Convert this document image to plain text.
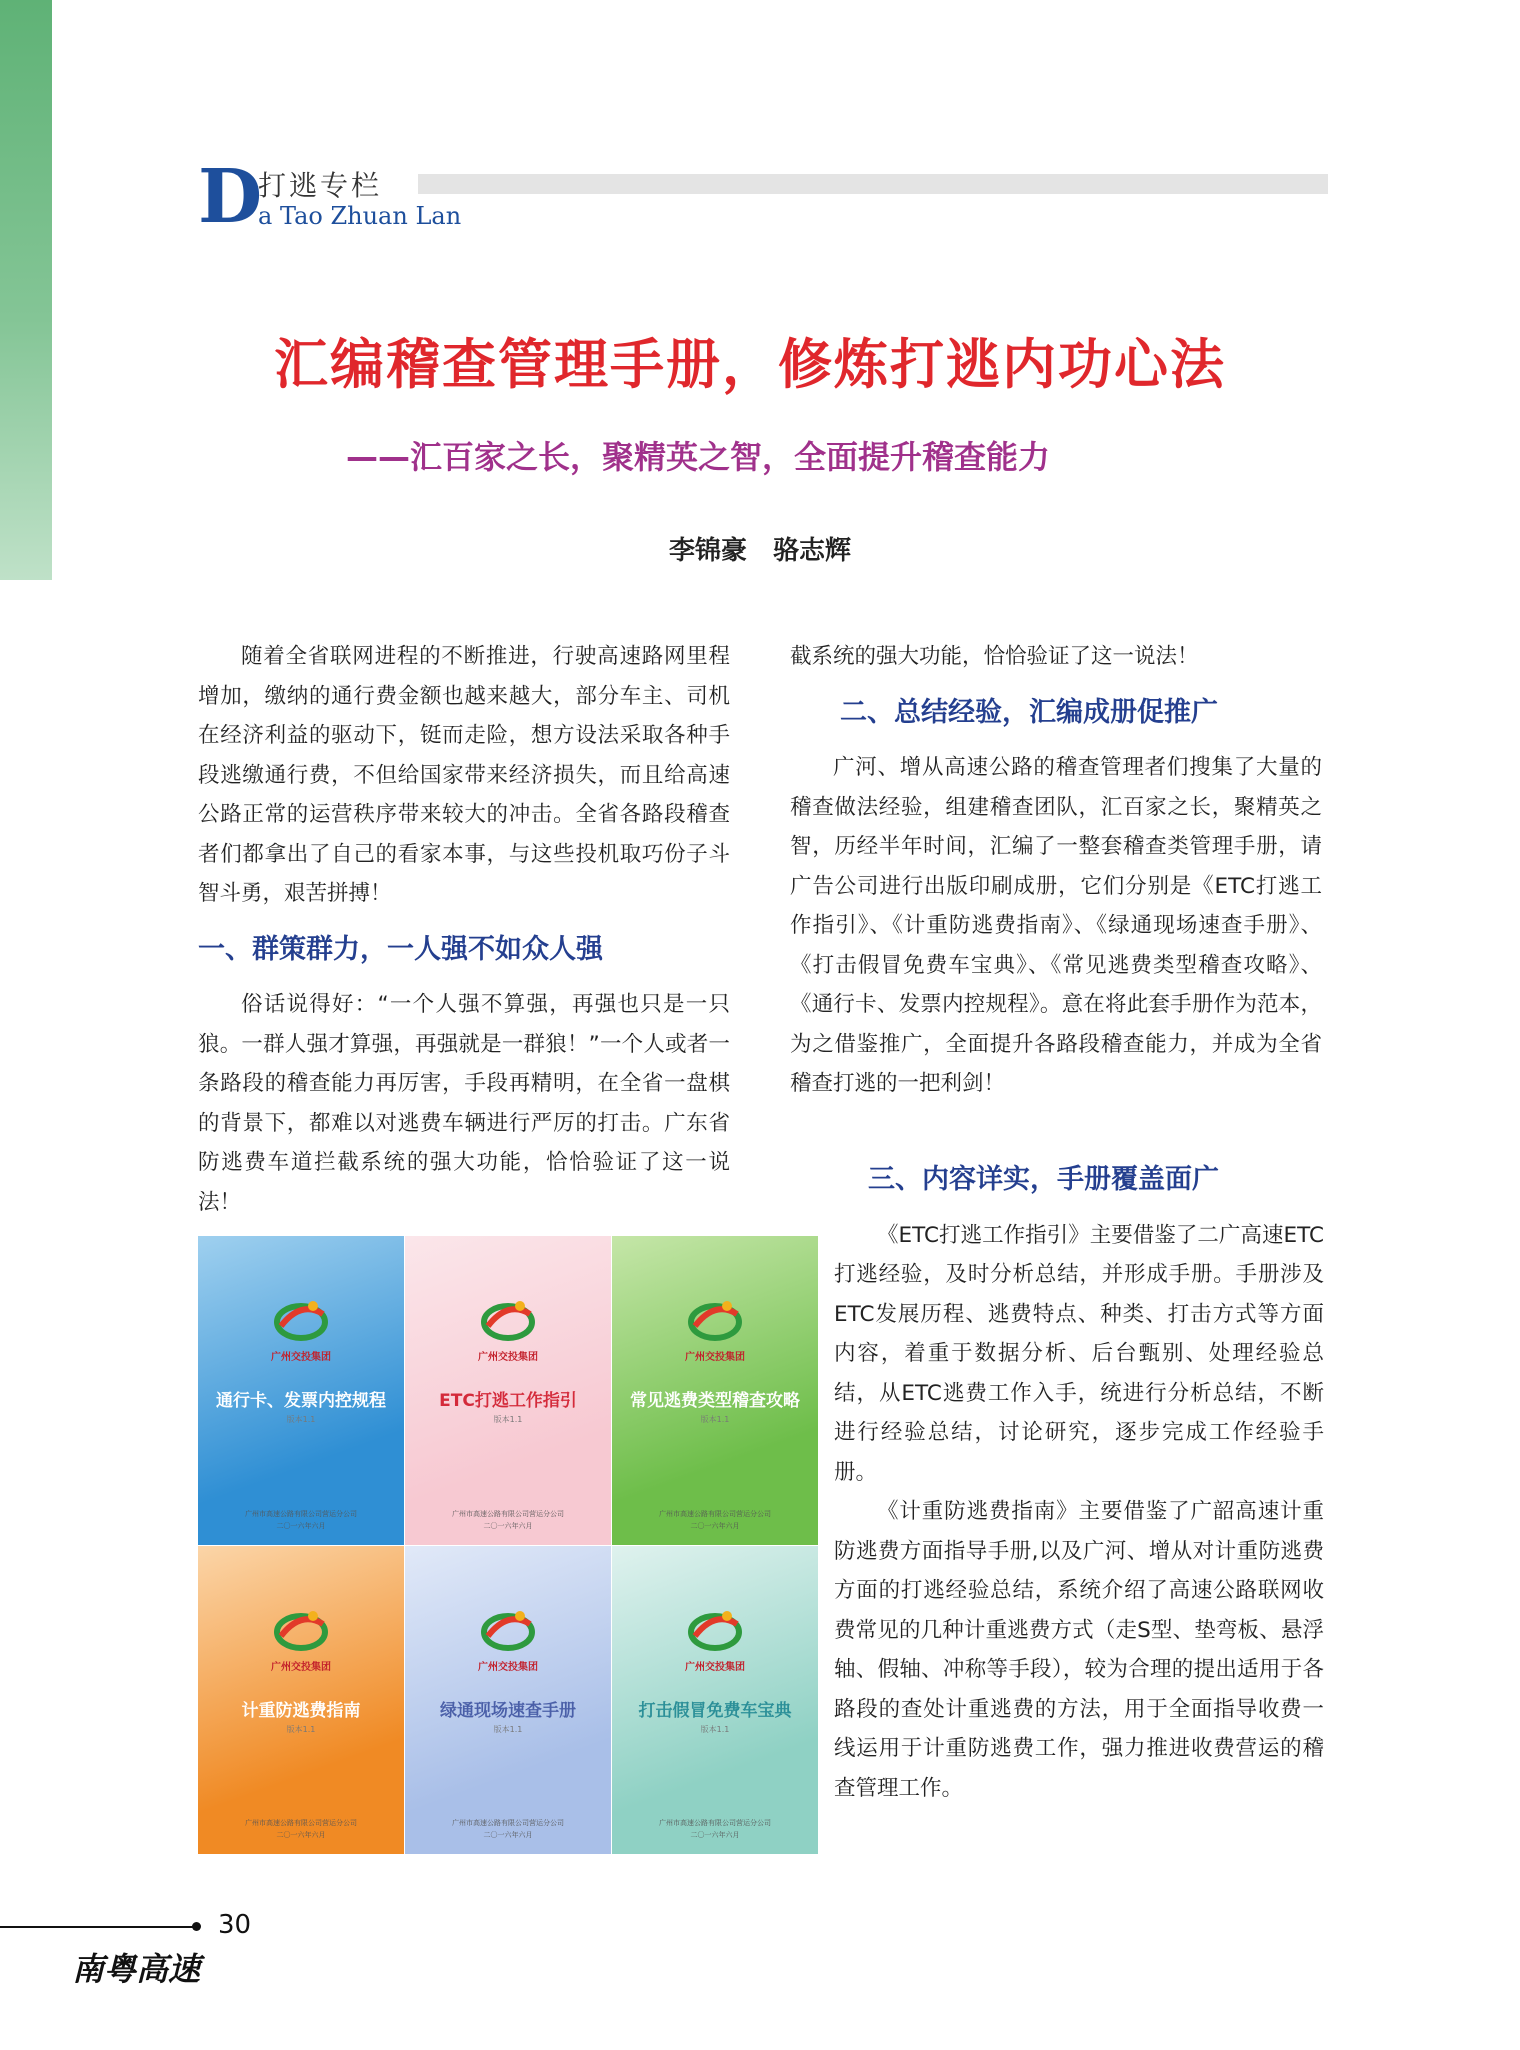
D
打逃专栏
a Tao Zhuan Lan
汇编稽查管理手册，修炼打逃内功心法
——汇百家之长，聚精英之智，全面提升稽查能力
李锦豪　骆志辉

随着全省联网进程的不断推进，行驶高速路网里程增加，缴纳的通行费金额也越来越大，部分车主、司机在经济利益的驱动下，铤而走险，想方设法采取各种手段逃缴通行费，不但给国家带来经济损失，而且给高速公路正常的运营秩序带来较大的冲击。全省各路段稽查者们都拿出了自己的看家本事，与这些投机取巧份子斗智斗勇，艰苦拼搏！

一、群策群力，一人强不如众人强

俗话说得好：“一个人强不算强，再强也只是一只狼。一群人强才算强，再强就是一群狼！”一个人或者一条路段的稽查能力再厉害，手段再精明，在全省一盘棋的背景下，都难以对逃费车辆进行严厉的打击。广东省防逃费车道拦截系统的强大功能，恰恰验证了这一说法！

截系统的强大功能，恰恰验证了这一说法！

二、总结经验，汇编成册促推广

广河、增从高速公路的稽查管理者们搜集了大量的稽查做法经验，组建稽查团队，汇百家之长，聚精英之智，历经半年时间，汇编了一整套稽查类管理手册，请广告公司进行出版印刷成册，它们分别是《ETC打逃工作指引》、《计重防逃费指南》、《绿通现场速查手册》、《打击假冒免费车宝典》、《常见逃费类型稽查攻略》、《通行卡、发票内控规程》。意在将此套手册作为范本，为之借鉴推广，全面提升各路段稽查能力，并成为全省稽查打逃的一把利剑！

三、内容详实，手册覆盖面广

《ETC打逃工作指引》主要借鉴了二广高速ETC打逃经验，及时分析总结，并形成手册。手册涉及ETC发展历程、逃费特点、种类、打击方式等方面内容，着重于数据分析、后台甄别、处理经验总结，从ETC逃费工作入手，统进行分析总结，不断进行经验总结，讨论研究，逐步完成工作经验手册。

《计重防逃费指南》主要借鉴了广韶高速计重防逃费方面指导手册,以及广河、增从对计重防逃费方面的打逃经验总结，系统介绍了高速公路联网收费常见的几种计重逃费方式（走S型、垫弯板、悬浮轴、假轴、冲称等手段），较为合理的提出适用于各路段的查处计重逃费的方法，用于全面指导收费一线运用于计重防逃费工作，强力推进收费营运的稽查管理工作。

广州交投集团
通行卡、发票内控规程
版本1.1
广州市高速公路有限公司营运分公司
二〇一六年六月
广州交投集团
ETC打逃工作指引
版本1.1
广州市高速公路有限公司营运分公司
二〇一六年六月
广州交投集团
常见逃费类型稽查攻略
版本1.1
广州市高速公路有限公司营运分公司
二〇一六年六月
广州交投集团
计重防逃费指南
版本1.1
广州市高速公路有限公司营运分公司
二〇一六年六月
广州交投集团
绿通现场速查手册
版本1.1
广州市高速公路有限公司营运分公司
二〇一六年六月
广州交投集团
打击假冒免费车宝典
版本1.1
广州市高速公路有限公司营运分公司
二〇一六年六月
30
南粤高速
